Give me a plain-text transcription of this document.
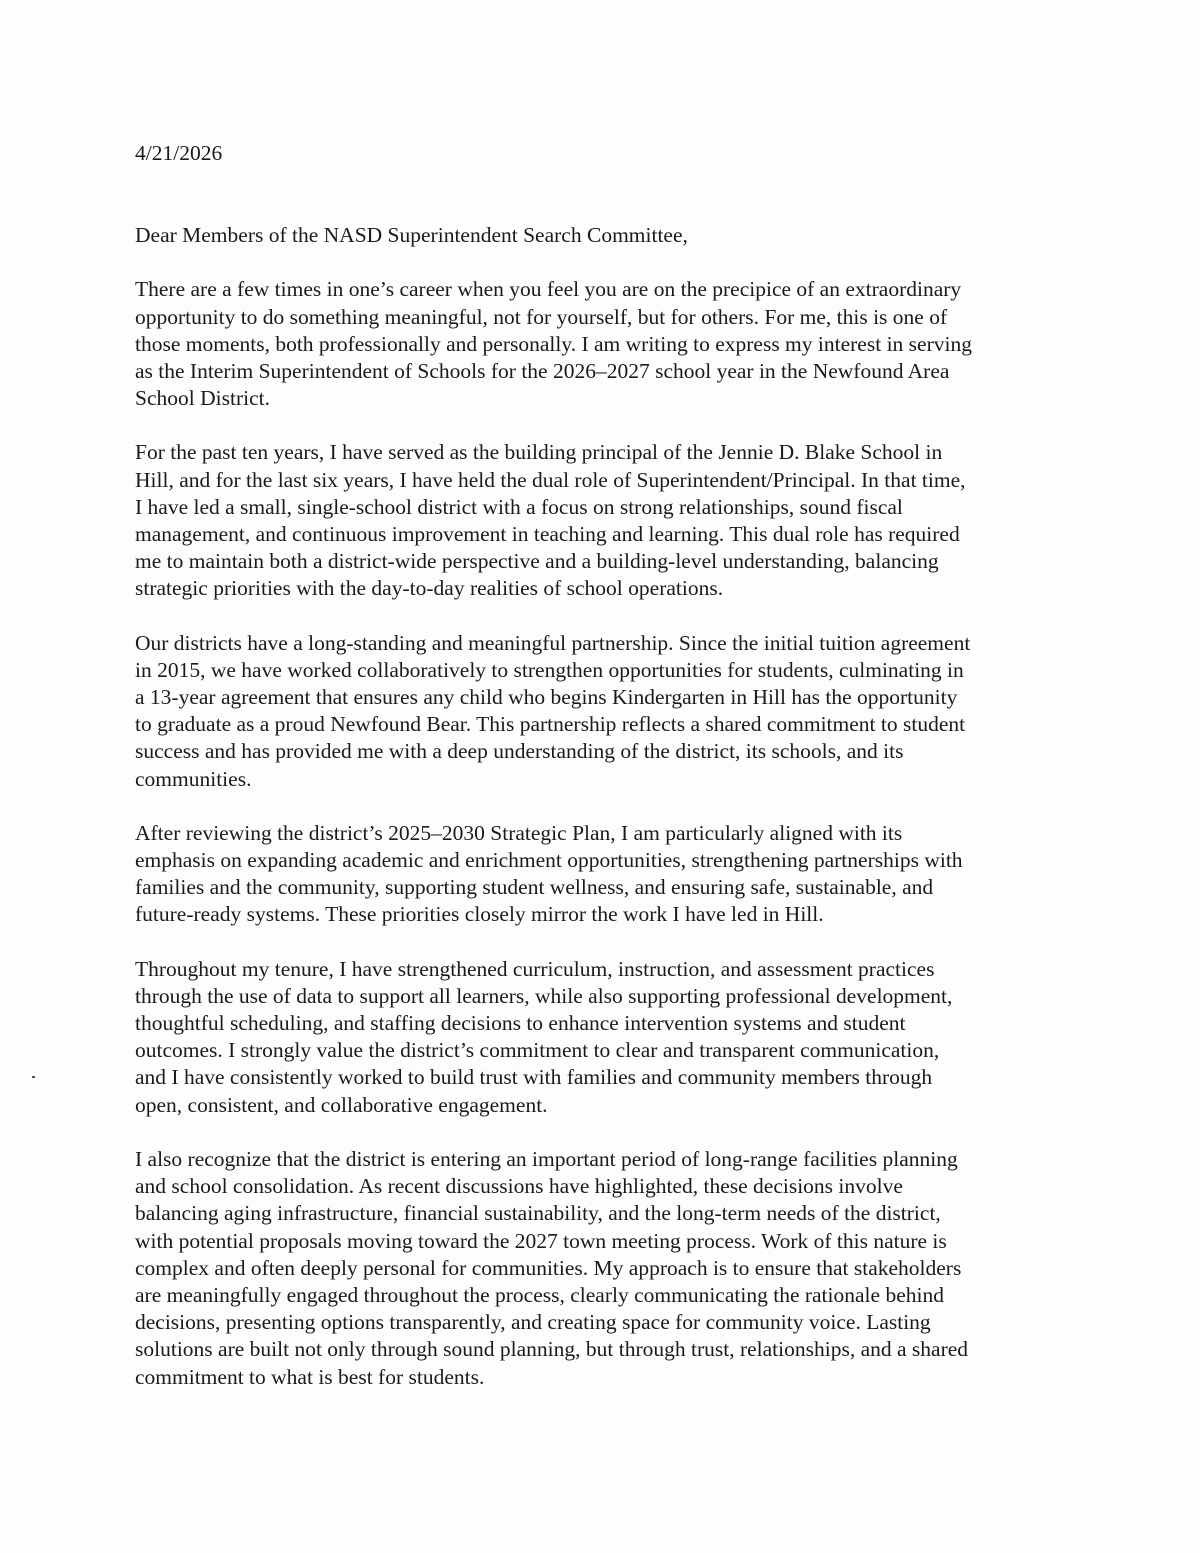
4/21/2026

Dear Members of the NASD Superintendent Search Committee,

There are a few times in one’s career when you feel you are on the precipice of an extraordinary
opportunity to do something meaningful, not for yourself, but for others. For me, this is one of
those moments, both professionally and personally. I am writing to express my interest in serving
as the Interim Superintendent of Schools for the 2026–2027 school year in the Newfound Area
School District.

For the past ten years, I have served as the building principal of the Jennie D. Blake School in
Hill, and for the last six years, I have held the dual role of Superintendent/Principal. In that time,
I have led a small, single-school district with a focus on strong relationships, sound fiscal
management, and continuous improvement in teaching and learning. This dual role has required
me to maintain both a district-wide perspective and a building-level understanding, balancing
strategic priorities with the day-to-day realities of school operations.

Our districts have a long-standing and meaningful partnership. Since the initial tuition agreement
in 2015, we have worked collaboratively to strengthen opportunities for students, culminating in
a 13-year agreement that ensures any child who begins Kindergarten in Hill has the opportunity
to graduate as a proud Newfound Bear. This partnership reflects a shared commitment to student
success and has provided me with a deep understanding of the district, its schools, and its
communities.

After reviewing the district’s 2025–2030 Strategic Plan, I am particularly aligned with its
emphasis on expanding academic and enrichment opportunities, strengthening partnerships with
families and the community, supporting student wellness, and ensuring safe, sustainable, and
future-ready systems. These priorities closely mirror the work I have led in Hill.

Throughout my tenure, I have strengthened curriculum, instruction, and assessment practices
through the use of data to support all learners, while also supporting professional development,
thoughtful scheduling, and staffing decisions to enhance intervention systems and student
outcomes. I strongly value the district’s commitment to clear and transparent communication,
and I have consistently worked to build trust with families and community members through
open, consistent, and collaborative engagement.

I also recognize that the district is entering an important period of long-range facilities planning
and school consolidation. As recent discussions have highlighted, these decisions involve
balancing aging infrastructure, financial sustainability, and the long-term needs of the district,
with potential proposals moving toward the 2027 town meeting process. Work of this nature is
complex and often deeply personal for communities. My approach is to ensure that stakeholders
are meaningfully engaged throughout the process, clearly communicating the rationale behind
decisions, presenting options transparently, and creating space for community voice. Lasting
solutions are built not only through sound planning, but through trust, relationships, and a shared
commitment to what is best for students.
